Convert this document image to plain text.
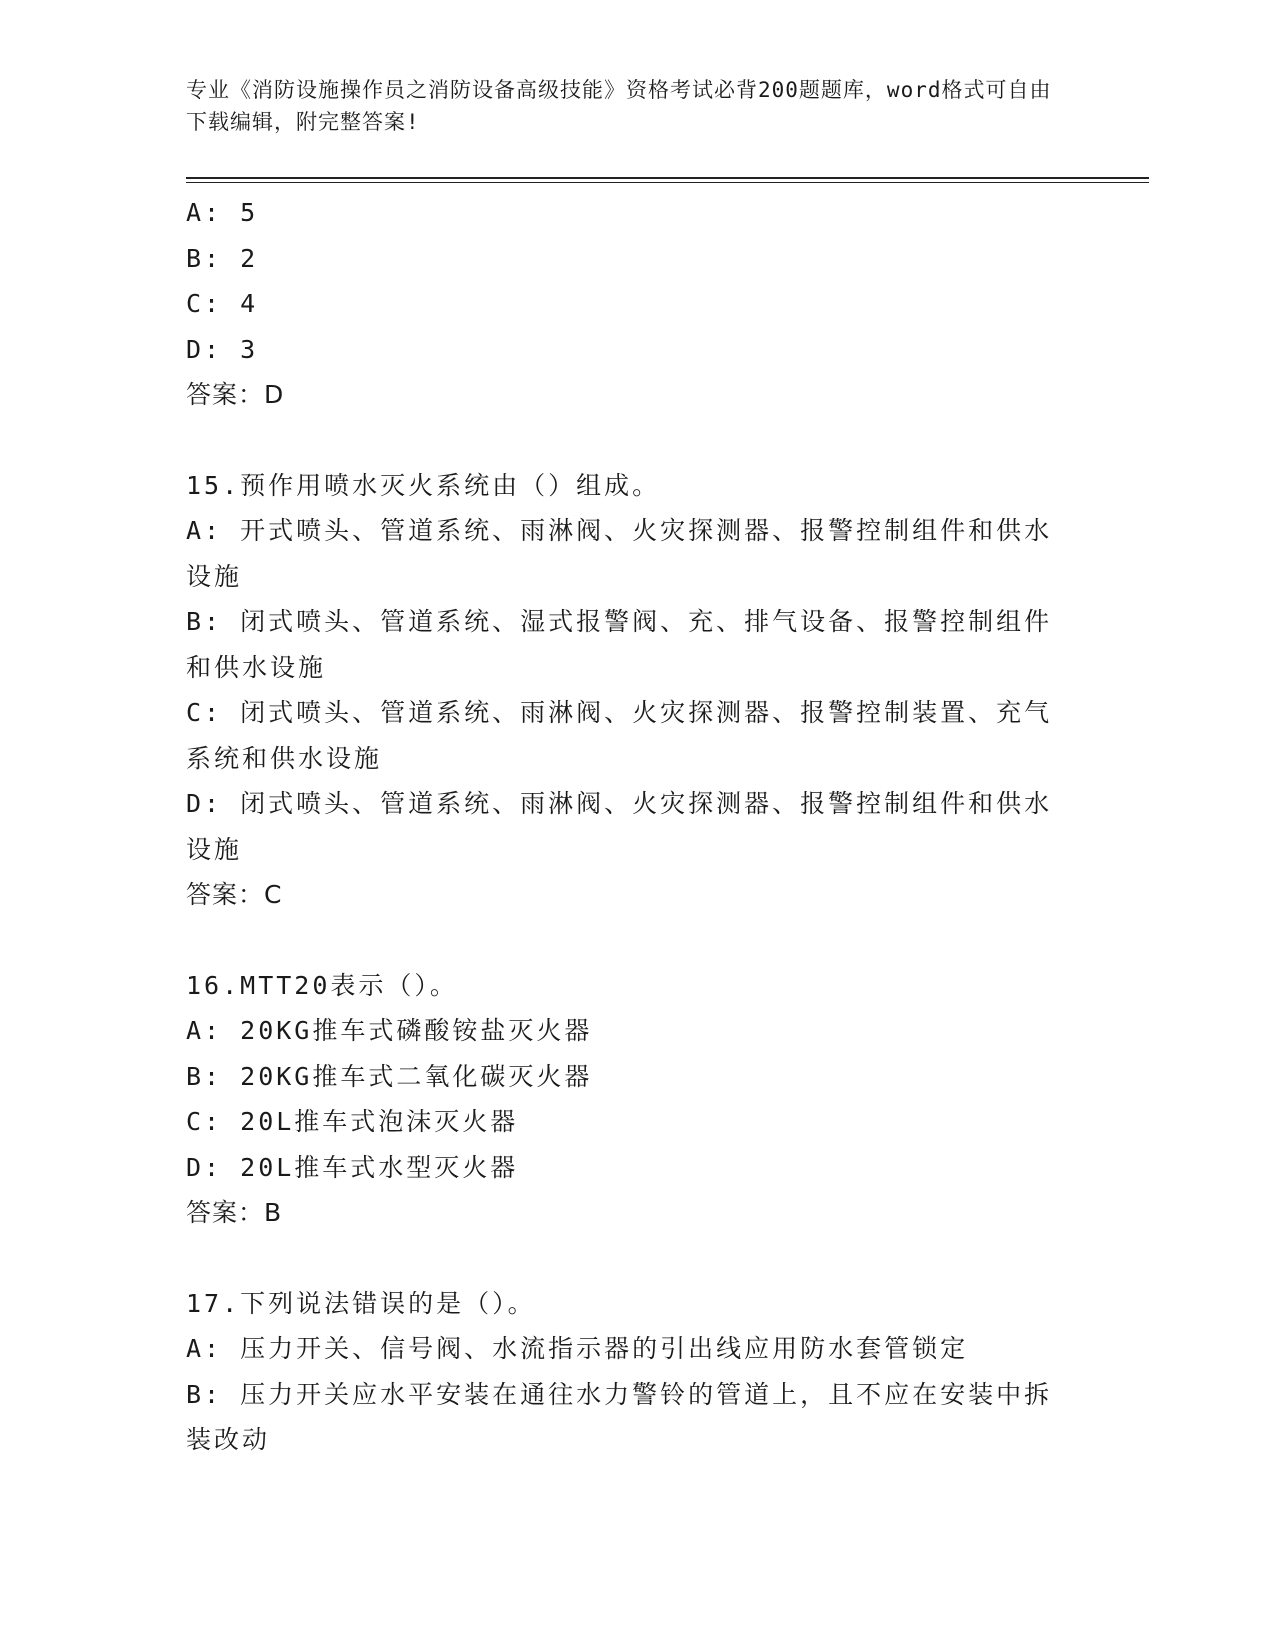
专业《消防设施操作员之消防设备高级技能》资格考试必背200题题库，word格式可自由下载编辑，附完整答案!
A: 5
B: 2
C: 4
D: 3
答案：D
15.预作用喷水灭火系统由（）组成。
A: 开式喷头、管道系统、雨淋阀、火灾探测器、报警控制组件和供水设施
B: 闭式喷头、管道系统、湿式报警阀、充、排气设备、报警控制组件和供水设施
C: 闭式喷头、管道系统、雨淋阀、火灾探测器、报警控制装置、充气系统和供水设施
D: 闭式喷头、管道系统、雨淋阀、火灾探测器、报警控制组件和供水设施
答案：C
16.MTT20表示（）。
A: 20KG推车式磷酸铵盐灭火器
B: 20KG推车式二氧化碳灭火器
C: 20L推车式泡沫灭火器
D: 20L推车式水型灭火器
答案：B
17.下列说法错误的是（）。
A: 压力开关、信号阀、水流指示器的引出线应用防水套管锁定
B: 压力开关应水平安装在通往水力警铃的管道上，且不应在安装中拆装改动
